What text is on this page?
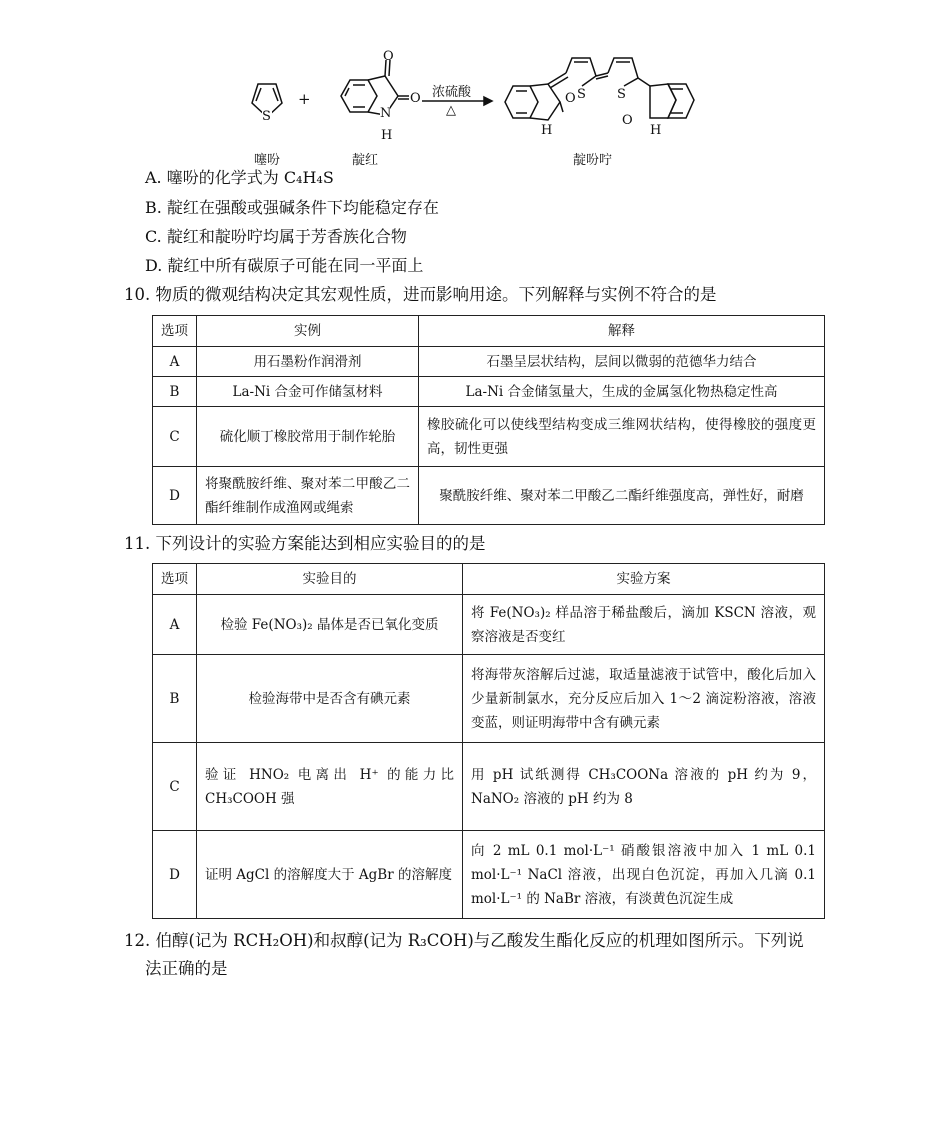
S
O
O
N
H
O
H
S S
O
H
+	浓硫酸
△
噻吩	靛红	靛吩咛
A. 噻吩的化学式为 C₄H₄S
B. 靛红在强酸或强碱条件下均能稳定存在
C. 靛红和靛吩咛均属于芳香族化合物
D. 靛红中所有碳原子可能在同一平面上
10. 物质的微观结构决定其宏观性质，进而影响用途。下列解释与实例不符合的是
选项	实例	解释
A	用石墨粉作润滑剂	石墨呈层状结构，层间以微弱的范德华力结合
B	La-Ni 合金可作储氢材料	La-Ni 合金储氢量大，生成的金属氢化物热稳定性高
C	硫化顺丁橡胶常用于制作轮胎	橡胶硫化可以使线型结构变成三维网状结构，使得橡胶的强度更高，韧性更强
D	将聚酰胺纤维、聚对苯二甲酸乙二酯纤维制作成渔网或绳索	聚酰胺纤维、聚对苯二甲酸乙二酯纤维强度高，弹性好，耐磨
11. 下列设计的实验方案能达到相应实验目的的是
选项	实验目的	实验方案
A	检验 Fe(NO₃)₂ 晶体是否已氧化变质	将 Fe(NO₃)₂ 样品溶于稀盐酸后，滴加 KSCN 溶液，观察溶液是否变红
B	检验海带中是否含有碘元素	将海带灰溶解后过滤，取适量滤液于试管中，酸化后加入少量新制氯水，充分反应后加入 1～2 滴淀粉溶液，溶液变蓝，则证明海带中含有碘元素
C	验证 HNO₂ 电离出 H⁺ 的能力比 CH₃COOH 强	用 pH 试纸测得 CH₃COONa 溶液的 pH 约为 9，NaNO₂ 溶液的 pH 约为 8
D	证明 AgCl 的溶解度大于 AgBr 的溶解度	向 2 mL 0.1 mol·L⁻¹ 硝酸银溶液中加入 1 mL 0.1 mol·L⁻¹ NaCl 溶液，出现白色沉淀，再加入几滴 0.1 mol·L⁻¹ 的 NaBr 溶液，有淡黄色沉淀生成
12. 伯醇(记为 RCH₂OH)和叔醇(记为 R₃COH)与乙酸发生酯化反应的机理如图所示。下列说
法正确的是
